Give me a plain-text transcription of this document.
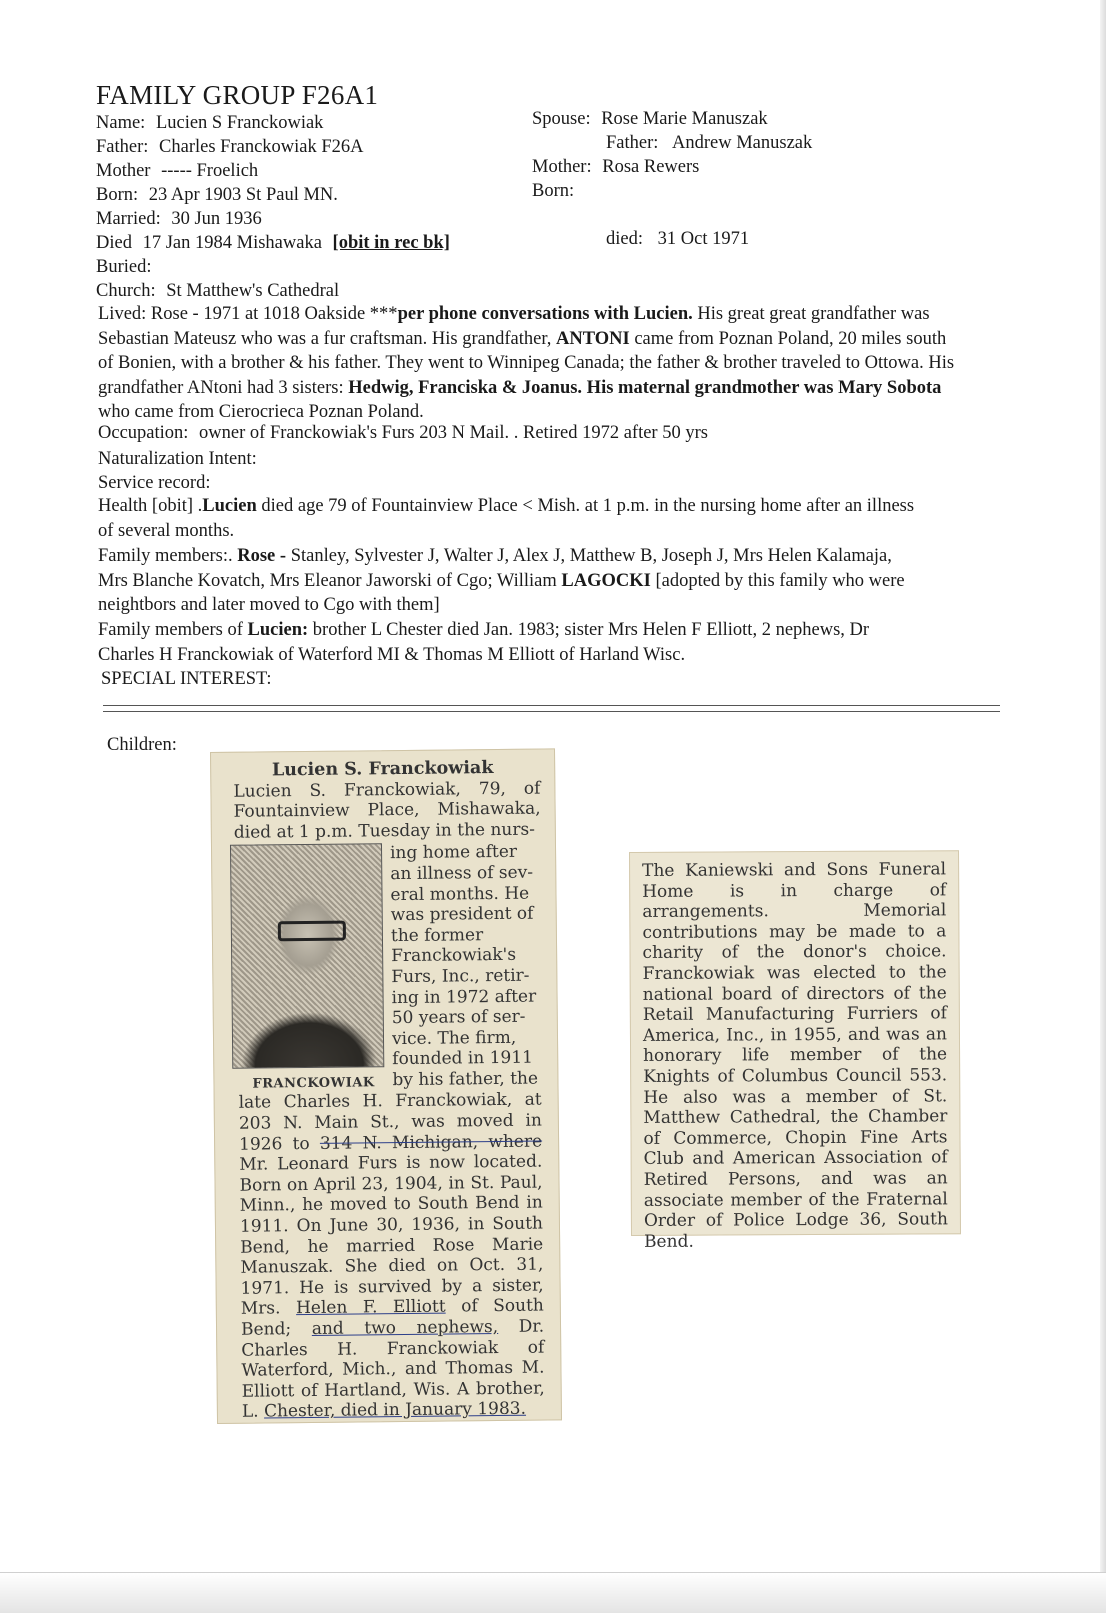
FAMILY GROUP F26A1
Name: Lucien S Franckowiak
Father: Charles Franckowiak F26A
Mother ----- Froelich
Born: 23 Apr 1903 St Paul MN.
Married: 30 Jun 1936
Died 17 Jan 1984 Mishawaka [obit in rec bk]
Buried:
Church: St Matthew's Cathedral
Spouse: Rose Marie Manuszak
Father: Andrew Manuszak
Mother: Rosa Rewers
Born:
died: 31 Oct 1971
Lived: Rose - 1971 at 1018 Oakside ***per phone conversations with Lucien. His great great grandfather was Sebastian Mateusz who was a fur craftsman. His grandfather, ANTONI came from Poznan Poland, 20 miles south of Bonien, with a brother & his father. They went to Winnipeg Canada; the father & brother traveled to Ottowa. His grandfather ANtoni had 3 sisters: Hedwig, Franciska & Joanus. His maternal grandmother was Mary Sobota who came from Cierocrieca Poznan Poland.
Occupation: owner of Franckowiak's Furs 203 N Mail. . Retired 1972 after 50 yrs
Naturalization Intent:
Service record:
Health [obit] .Lucien died age 79 of Fountainview Place < Mish. at 1 p.m. in the nursing home after an illness of several months.
Family members:. Rose - Stanley, Sylvester J, Walter J, Alex J, Matthew B, Joseph J, Mrs Helen Kalamaja, Mrs Blanche Kovatch, Mrs Eleanor Jaworski of Cgo; William LAGOCKI [adopted by this family who were neightbors and later moved to Cgo with them]
Family members of Lucien: brother L Chester died Jan. 1983; sister Mrs Helen F Elliott, 2 nephews, Dr Charles H Franckowiak of Waterford MI & Thomas M Elliott of Harland Wisc.
SPECIAL INTEREST:
Children:
Lucien S. Franckowiak
Lucien S. Franckowiak, 79, of Fountainview Place, Mishawaka, died at 1 p.m. Tuesday in the nurs-
FRANCKOWIAK
ing home after
an illness of sev-
eral months. He
was president of
the former
Franckowiak's
Furs, Inc., retir-
ing in 1972 after
50 years of ser-
vice. The firm,
founded in 1911
by his father, the
late Charles H. Franckowiak, at 203 N. Main St., was moved in 1926 to 314 N. Michigan, where Mr. Leonard Furs is now located. Born on April 23, 1904, in St. Paul, Minn., he moved to South Bend in 1911. On June 30, 1936, in South Bend, he married Rose Marie Manuszak. She died on Oct. 31, 1971. He is survived by a sister, Mrs. Helen F. Elliott of South Bend; and two nephews, Dr. Charles H. Franckowiak of Waterford, Mich., and Thomas M. Elliott of Hartland, Wis. A brother, L. Chester, died in January 1983.
The Kaniewski and Sons Funeral Home is in charge of arrangements. Memorial contributions may be made to a charity of the donor's choice. Franckowiak was elected to the national board of directors of the Retail Manufacturing Furriers of America, Inc., in 1955, and was an honorary life member of the Knights of Columbus Council 553. He also was a member of St. Matthew Cathedral, the Chamber of Commerce, Chopin Fine Arts Club and American Association of Retired Persons, and was an associate member of the Fraternal Order of Police Lodge 36, South Bend.
